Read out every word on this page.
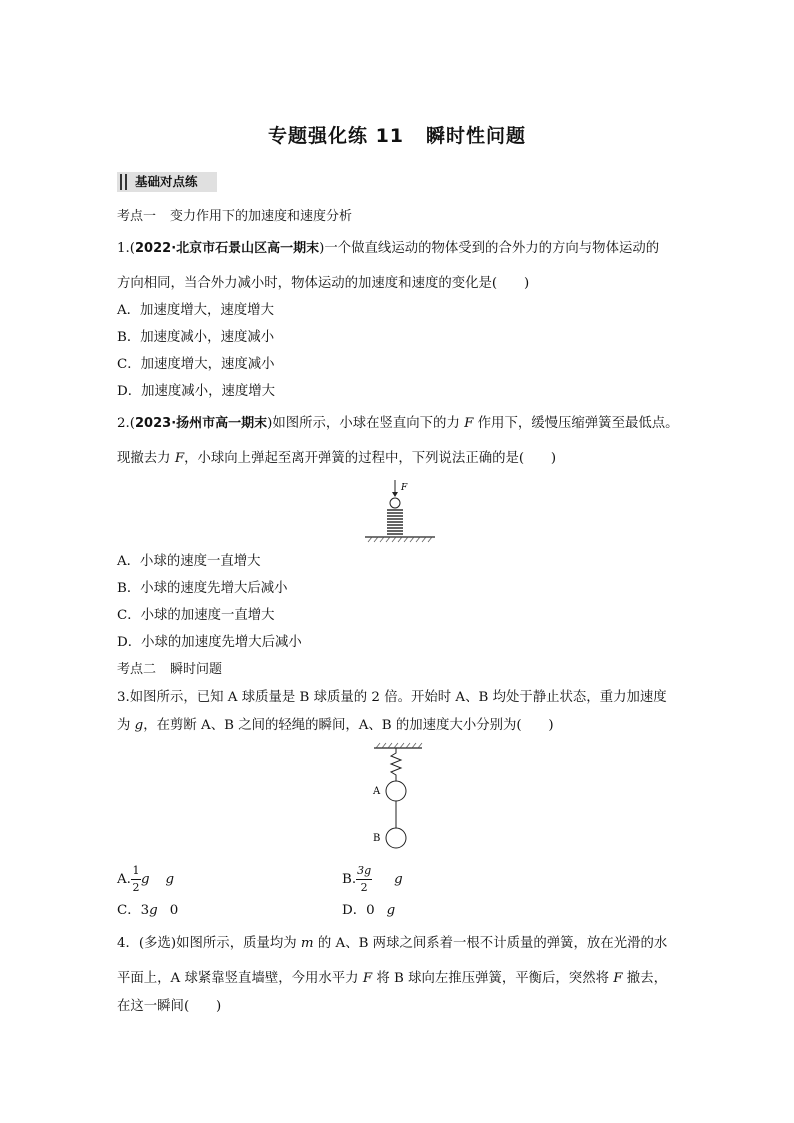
专题强化练 11 瞬时性问题
基础对点练
考点一 变力作用下的加速度和速度分析
1.(2022·北京市石景山区高一期末)一个做直线运动的物体受到的合外力的方向与物体运动的
方向相同，当合外力减小时，物体运动的加速度和速度的变化是(　　)
A．加速度增大，速度增大
B．加速度减小，速度减小
C．加速度增大，速度减小
D．加速度减小，速度增大
2.(2023·扬州市高一期末)如图所示，小球在竖直向下的力 F 作用下，缓慢压缩弹簧至最低点。
现撤去力 F，小球向上弹起至离开弹簧的过程中，下列说法正确的是(　　)
F
A．小球的速度一直增大
B．小球的速度先增大后减小
C．小球的加速度一直增大
D．小球的加速度先增大后减小
考点二 瞬时问题
3.如图所示，已知 A 球质量是 B 球质量的 2 倍。开始时 A、B 均处于静止状态，重力加速度
为 g，在剪断 A、B 之间的轻绳的瞬间，A、B 的加速度大小分别为(　　)
A
B
A. $\frac{1}{2}$ g g	B. $\frac{3g}{2}$ g
C．3g 0	D．0 g
4．(多选)如图所示，质量均为 m 的 A、B 两球之间系着一根不计质量的弹簧，放在光滑的水
平面上，A 球紧靠竖直墙壁，今用水平力 F 将 B 球向左推压弹簧，平衡后，突然将 F 撤去，
在这一瞬间(　　)
